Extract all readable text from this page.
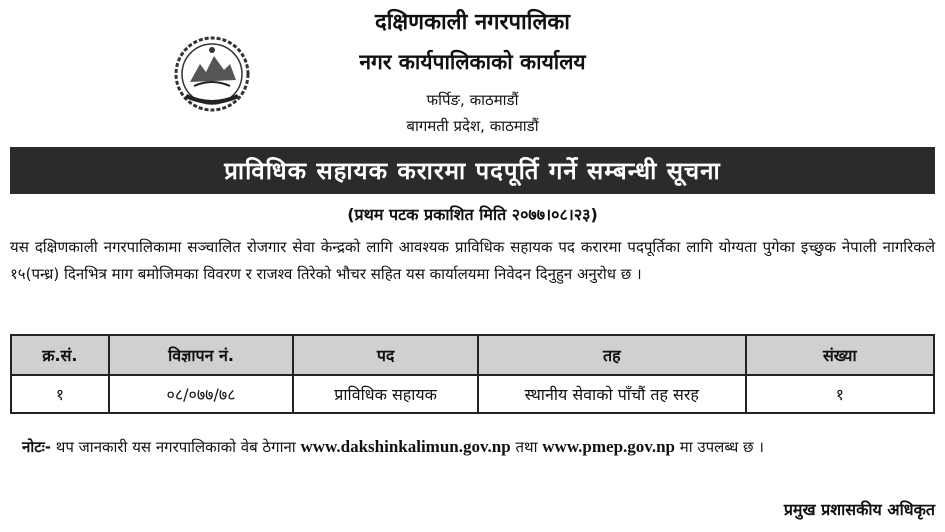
दक्षिणकाली नगरपालिका
नगर कार्यपालिकाको कार्यालय
फर्पिङ, काठमाडौं
बागमती प्रदेश, काठमाडौं
प्राविधिक सहायक करारमा पदपूर्ति गर्ने सम्बन्धी सूचना
(प्रथम पटक प्रकाशित मिति २०७७।०८।२३)
यस दक्षिणकाली नगरपालिकामा सञ्चालित रोजगार सेवा केन्द्रको लागि आवश्यक प्राविधिक सहायक पद करारमा पदपूर्तिका लागि योग्यता पुगेका इच्छुक नेपाली नागरिकले १५(पन्ध्र) दिनभित्र माग बमोजिमका विवरण र राजश्व तिरेको भौचर सहित यस कार्यालयमा निवेदन दिनुहुन अनुरोध छ ।
क्र.सं.	विज्ञापन नं.	पद	तह	संख्या
१	०८/०७७/७८	प्राविधिक सहायक	स्थानीय सेवाको पाँचौं तह सरह	१
नोटः- थप जानकारी यस नगरपालिकाको वेब ठेगाना www.dakshinkalimun.gov.np तथा www.pmep.gov.np मा उपलब्ध छ ।
प्रमुख प्रशासकीय अधिकृत
